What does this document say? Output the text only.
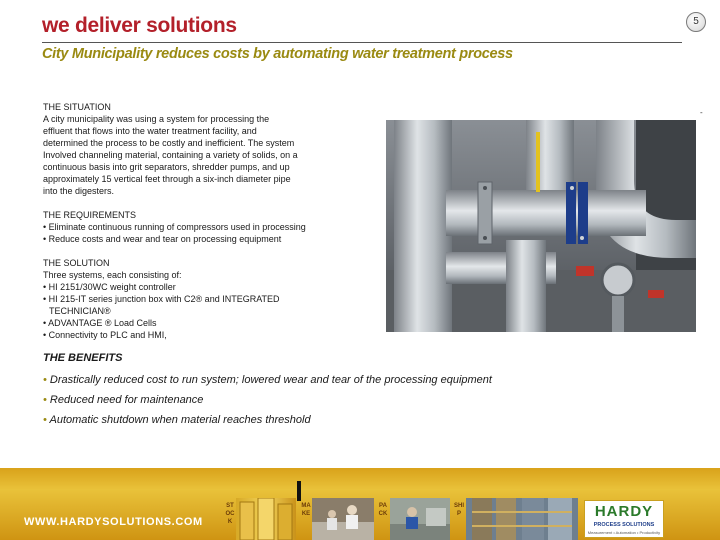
we deliver solutions	5
City Municipality reduces costs by automating water treatment process
THE SITUATION
A city municipality was using a system for processing the
effluent that flows into the water treatment facility, and
determined the process to be costly and inefficient. The system
Involved channeling material, containing a variety of solids, on a
continuous basis into grit separators, shredder pumps, and up
approximately 15 vertical feet through a six-inch diameter pipe
into the digesters.
THE REQUIREMENTS
• Eliminate continuous running of compressors used in processing
• Reduce costs and wear and tear on processing equipment
THE SOLUTION
Three systems, each consisting of:
• HI 2151/30WC weight controller
• HI 215-IT series junction box with C2® and INTEGRATED
TECHNICIAN®
• ADVANTAGE ® Load Cells
• Connectivity to PLC and HMI,
-
THE BENEFITS
• Drastically reduced cost to run system; lowered wear and tear of the processing equipment
• Reduced need for maintenance
• Automatic shutdown when material reaches threshold
WWW.HARDYSOLUTIONS.COM
STOCK
MAKE
PACK
SHIP	HARDY
PROCESS SOLUTIONS
Measurement • Automation • Productivity
